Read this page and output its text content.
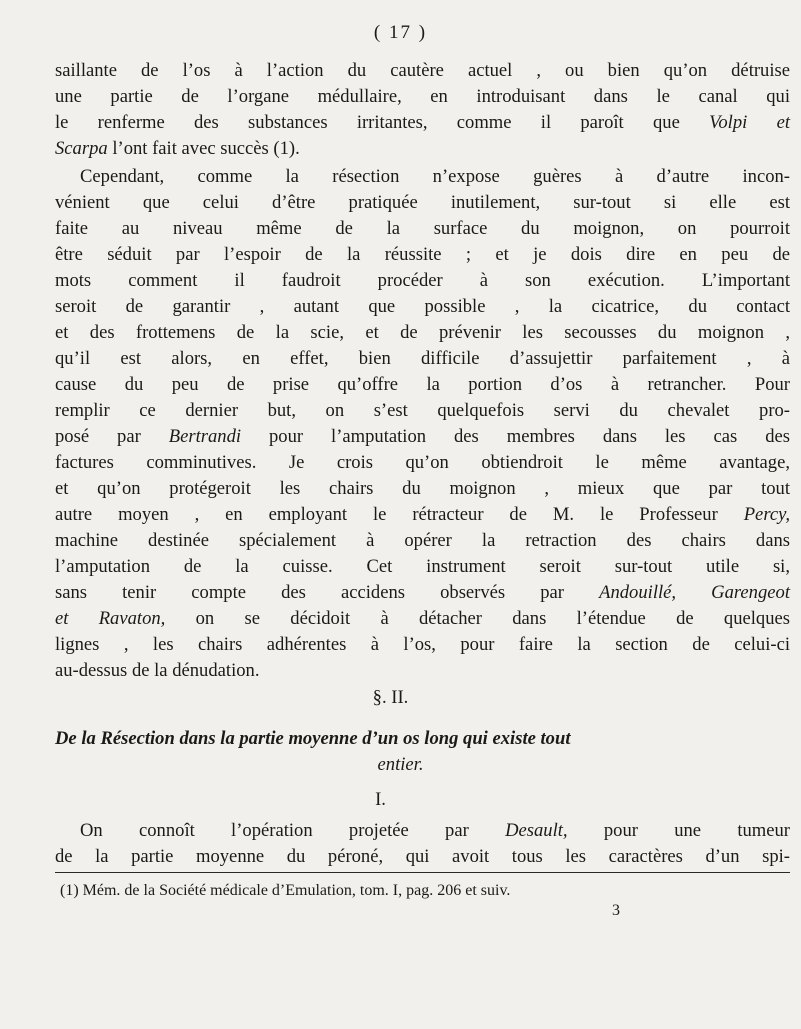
( 17 )
saillante de l’os à l’action du cautère actuel , ou bien qu’on détruise
une partie de l’organe médullaire, en introduisant dans le canal qui
le renferme des substances irritantes, comme il paroît que Volpi et
Scarpa l’ont fait avec succès (1).
Cependant, comme la résection n’expose guères à d’autre incon-
vénient que celui d’être pratiquée inutilement, sur-tout si elle est
faite au niveau même de la surface du moignon, on pourroit
être séduit par l’espoir de la réussite ; et je dois dire en peu de
mots comment il faudroit procéder à son exécution. L’important
seroit de garantir , autant que possible , la cicatrice, du contact
et des frottemens de la scie, et de prévenir les secousses du moignon ,
qu’il est alors, en effet, bien difficile d’assujettir parfaitement , à
cause du peu de prise qu’offre la portion d’os à retrancher. Pour
remplir ce dernier but, on s’est quelquefois servi du chevalet pro-
posé par Bertrandi pour l’amputation des membres dans les cas des
factures comminutives. Je crois qu’on obtiendroit le même avantage,
et qu’on protégeroit les chairs du moignon , mieux que par tout
autre moyen , en employant le rétracteur de M. le Professeur Percy,
machine destinée spécialement à opérer la retraction des chairs dans
l’amputation de la cuisse. Cet instrument seroit sur-tout utile si,
sans tenir compte des accidens observés par Andouillé, Garengeot
et Ravaton, on se décidoit à détacher dans l’étendue de quelques
lignes , les chairs adhérentes à l’os, pour faire la section de celui-ci
au-dessus de la dénudation.
§. II.
De la Résection dans la partie moyenne d’un os long qui existe tout
entier.
I.
On connoît l’opération projetée par Desault, pour une tumeur
(1) Mém. de la Société médicale d’Emulation, tom. I, pag. 206 et suiv.
3
de la partie moyenne du péroné, qui avoit tous les caractères d’un spi-
